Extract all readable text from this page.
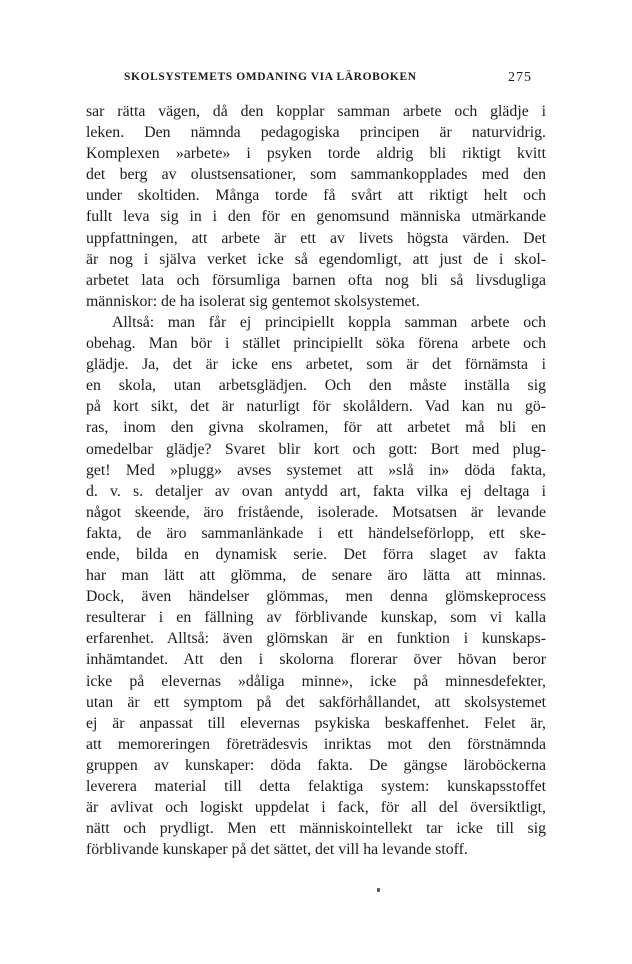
SKOLSYSTEMETS OMDANING VIA LÄROBOKEN	275
sar rätta vägen, då den kopplar samman arbete och glädje i
leken. Den nämnda pedagogiska principen är naturvidrig.
Komplexen »arbete» i psyken torde aldrig bli riktigt kvitt
det berg av olustsensationer, som sammankopplades med den
under skoltiden. Många torde få svårt att riktigt helt och
fullt leva sig in i den för en genomsund människa utmärkande
uppfattningen, att arbete är ett av livets högsta värden. Det
är nog i själva verket icke så egendomligt, att just de i skol-
arbetet lata och försumliga barnen ofta nog bli så livsdugliga
människor: de ha isolerat sig gentemot skolsystemet.
Alltså: man får ej principiellt koppla samman arbete och
obehag. Man bör i stället principiellt söka förena arbete och
glädje. Ja, det är icke ens arbetet, som är det förnämsta i
en skola, utan arbetsglädjen. Och den måste inställa sig
på kort sikt, det är naturligt för skolåldern. Vad kan nu gö-
ras, inom den givna skolramen, för att arbetet må bli en
omedelbar glädje? Svaret blir kort och gott: Bort med plug-
get! Med »plugg» avses systemet att »slå in» döda fakta,
d. v. s. detaljer av ovan antydd art, fakta vilka ej deltaga i
något skeende, äro fristående, isolerade. Motsatsen är levande
fakta, de äro sammanlänkade i ett händelseförlopp, ett ske-
ende, bilda en dynamisk serie. Det förra slaget av fakta
har man lätt att glömma, de senare äro lätta att minnas.
Dock, även händelser glömmas, men denna glömskeprocess
resulterar i en fällning av förblivande kunskap, som vi kalla
erfarenhet. Alltså: även glömskan är en funktion i kunskaps-
inhämtandet. Att den i skolorna florerar över hövan beror
icke på elevernas »dåliga minne», icke på minnesdefekter,
utan är ett symptom på det sakförhållandet, att skolsystemet
ej är anpassat till elevernas psykiska beskaffenhet. Felet är,
att memoreringen företrädesvis inriktas mot den förstnämnda
gruppen av kunskaper: döda fakta. De gängse läroböckerna
leverera material till detta felaktiga system: kunskapsstoffet
är avlivat och logiskt uppdelat i fack, för all del översiktligt,
nätt och prydligt. Men ett människointellekt tar icke till sig
förblivande kunskaper på det sättet, det vill ha levande stoff.
